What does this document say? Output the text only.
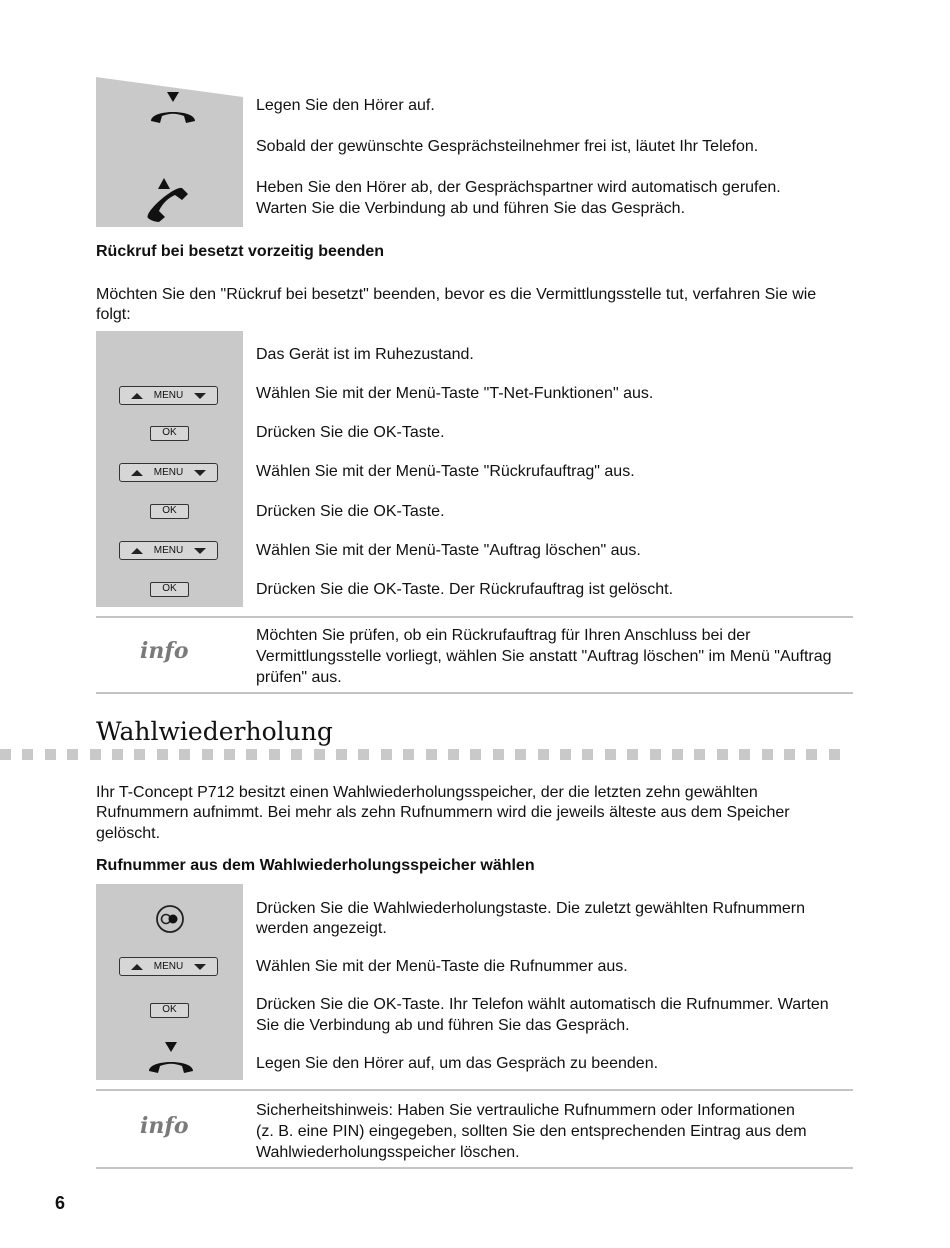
Legen Sie den Hörer auf.
Sobald der gewünschte Gesprächsteilnehmer frei ist, läutet Ihr Telefon.
Heben Sie den Hörer ab, der Gesprächspartner wird automatisch gerufen.
Warten Sie die Verbindung ab und führen Sie das Gespräch.
Rückruf bei besetzt vorzeitig beenden
Möchten Sie den "Rückruf bei besetzt" beenden, bevor es die Vermittlungsstelle tut, verfahren Sie wie
folgt:
MENU
OK
MENU
OK
MENU
OK
Das Gerät ist im Ruhezustand.
Wählen Sie mit der Menü-Taste "T-Net-Funktionen" aus.
Drücken Sie die OK-Taste.
Wählen Sie mit der Menü-Taste "Rückrufauftrag" aus.
Drücken Sie die OK-Taste.
Wählen Sie mit der Menü-Taste "Auftrag löschen" aus.
Drücken Sie die OK-Taste. Der Rückrufauftrag ist gelöscht.
info
Möchten Sie prüfen, ob ein Rückrufauftrag für Ihren Anschluss bei der
Vermittlungsstelle vorliegt, wählen Sie anstatt "Auftrag löschen" im Menü "Auftrag
prüfen" aus.
Wahlwiederholung
Ihr T-Concept P712 besitzt einen Wahlwiederholungsspeicher, der die letzten zehn gewählten
Rufnummern aufnimmt. Bei mehr als zehn Rufnummern wird die jeweils älteste aus dem Speicher
gelöscht.
Rufnummer aus dem Wahlwiederholungsspeicher wählen
MENU
OK
Drücken Sie die Wahlwiederholungstaste. Die zuletzt gewählten Rufnummern
werden angezeigt.
Wählen Sie mit der Menü-Taste die Rufnummer aus.
Drücken Sie die OK-Taste. Ihr Telefon wählt automatisch die Rufnummer. Warten
Sie die Verbindung ab und führen Sie das Gespräch.
Legen Sie den Hörer auf, um das Gespräch zu beenden.
info
Sicherheitshinweis: Haben Sie vertrauliche Rufnummern oder Informationen
(z. B. eine PIN) eingegeben, sollten Sie den entsprechenden Eintrag aus dem
Wahlwiederholungsspeicher löschen.
6
